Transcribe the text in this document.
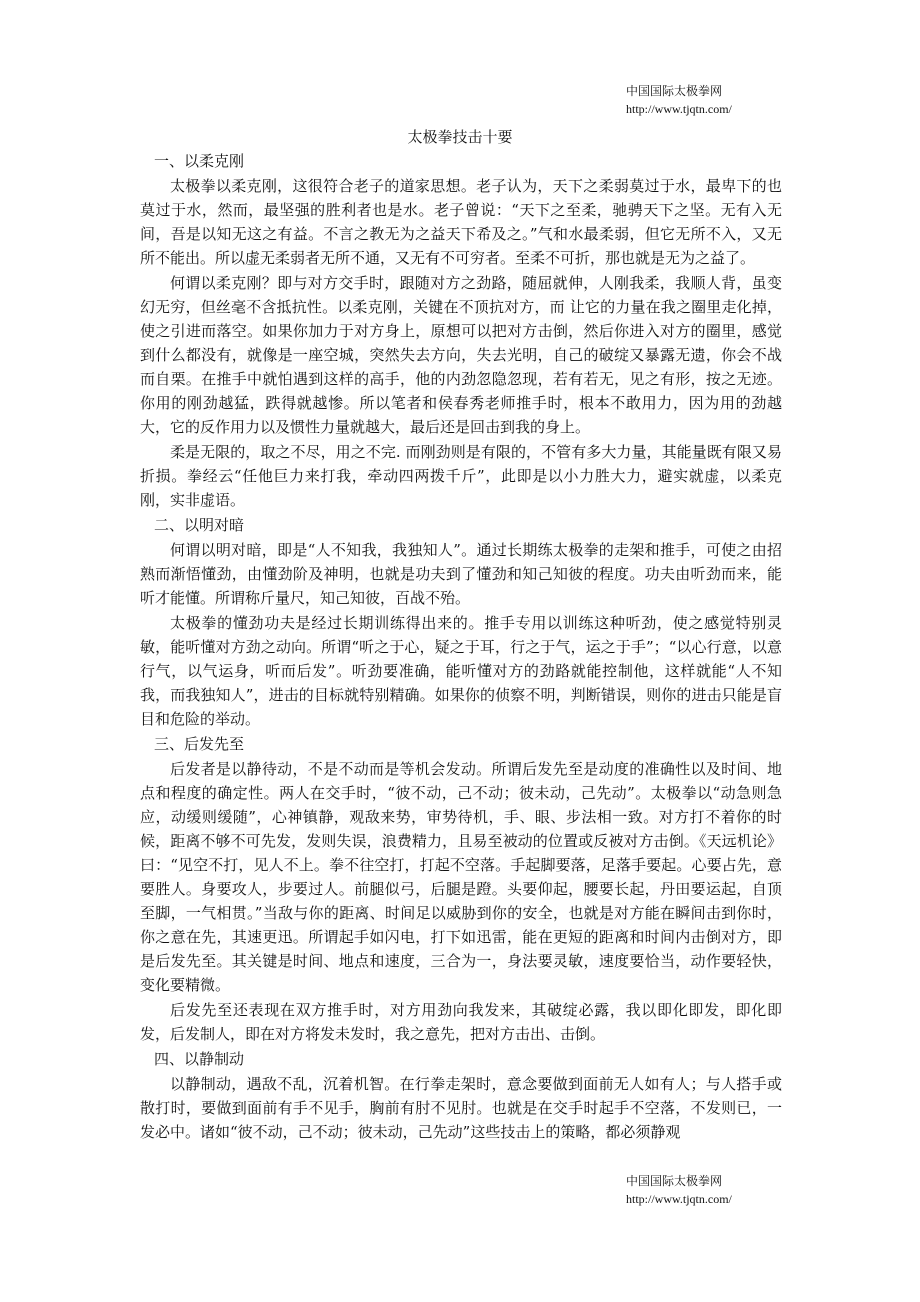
中国国际太极拳网
http://www.tjqtn.com/
太极拳技击十要
一、以柔克刚

太极拳以柔克刚，这很符合老子的道家思想。老子认为，天下之柔弱莫过于水，最卑下的也莫过于水，然而，最坚强的胜利者也是水。老子曾说：“天下之至柔，驰骋天下之坚。无有入无间，吾是以知无这之有益。不言之教无为之益天下希及之。”气和水最柔弱，但它无所不入，又无所不能出。所以虚无柔弱者无所不通，又无有不可穷者。至柔不可折，那也就是无为之益了。

何谓以柔克刚？即与对方交手时，跟随对方之劲路，随屈就伸，人刚我柔，我顺人背，虽变幻无穷，但丝毫不含抵抗性。以柔克刚，关键在不顶抗对方，而 让它的力量在我之圈里走化掉，使之引进而落空。如果你加力于对方身上，原想可以把对方击倒，然后你进入对方的圈里，感觉到什么都没有，就像是一座空城，突然失去方向，失去光明，自己的破绽又暴露无遗，你会不战而自栗。在推手中就怕遇到这样的高手，他的内劲忽隐忽现，若有若无，见之有形，按之无迹。你用的刚劲越猛，跌得就越惨。所以笔者和侯春秀老师推手时，根本不敢用力，因为用的劲越大，它的反作用力以及惯性力量就越大，最后还是回击到我的身上。

柔是无限的，取之不尽，用之不完. 而刚劲则是有限的，不管有多大力量，其能量既有限又易折损。拳经云“任他巨力来打我，牵动四两拨千斤”，此即是以小力胜大力，避实就虚，以柔克刚，实非虚语。

二、以明对暗

何谓以明对暗，即是“人不知我，我独知人”。通过长期练太极拳的走架和推手，可使之由招熟而渐悟懂劲，由懂劲阶及神明，也就是功夫到了懂劲和知己知彼的程度。功夫由听劲而来，能听才能懂。所谓称斤量尺，知己知彼，百战不殆。

太极拳的懂劲功夫是经过长期训练得出来的。推手专用以训练这种听劲，使之感觉特别灵敏，能听懂对方劲之动向。所谓“听之于心，疑之于耳，行之于气，运之于手”；“以心行意，以意行气，以气运身，听而后发”。听劲要准确，能听懂对方的劲路就能控制他，这样就能“人不知我，而我独知人”，进击的目标就特别精确。如果你的侦察不明，判断错误，则你的进击只能是盲目和危险的举动。

三、后发先至

后发者是以静待动，不是不动而是等机会发动。所谓后发先至是动度的准确性以及时间、地点和程度的确定性。两人在交手时，“彼不动，己不动；彼未动，己先动”。太极拳以“动急则急应，动缓则缓随”，心神镇静，观敌来势，审势待机，手、眼、步法相一致。对方打不着你的时候，距离不够不可先发，发则失误，浪费精力，且易至被动的位置或反被对方击倒。《天远机论》曰：“见空不打，见人不上。拳不往空打，打起不空落。手起脚要落，足落手要起。心要占先，意要胜人。身要攻人，步要过人。前腿似弓，后腿是蹬。头要仰起，腰要长起，丹田要运起，自顶至脚，一气相贯。”当敌与你的距离、时间足以威胁到你的安全，也就是对方能在瞬间击到你时，你之意在先，其速更迅。所谓起手如闪电，打下如迅雷，能在更短的距离和时间内击倒对方，即是后发先至。其关键是时间、地点和速度，三合为一，身法要灵敏，速度要恰当，动作要轻快，变化要精微。

后发先至还表现在双方推手时，对方用劲向我发来，其破绽必露，我以即化即发，即化即发，后发制人，即在对方将发未发时，我之意先，把对方击出、击倒。

四、以静制动

以静制动，遇敌不乱，沉着机智。在行拳走架时，意念要做到面前无人如有人；与人搭手或散打时，要做到面前有手不见手，胸前有肘不见肘。也就是在交手时起手不空落，不发则已，一发必中。诸如“彼不动，己不动；彼未动，己先动”这些技击上的策略，都必须静观

中国国际太极拳网
http://www.tjqtn.com/
